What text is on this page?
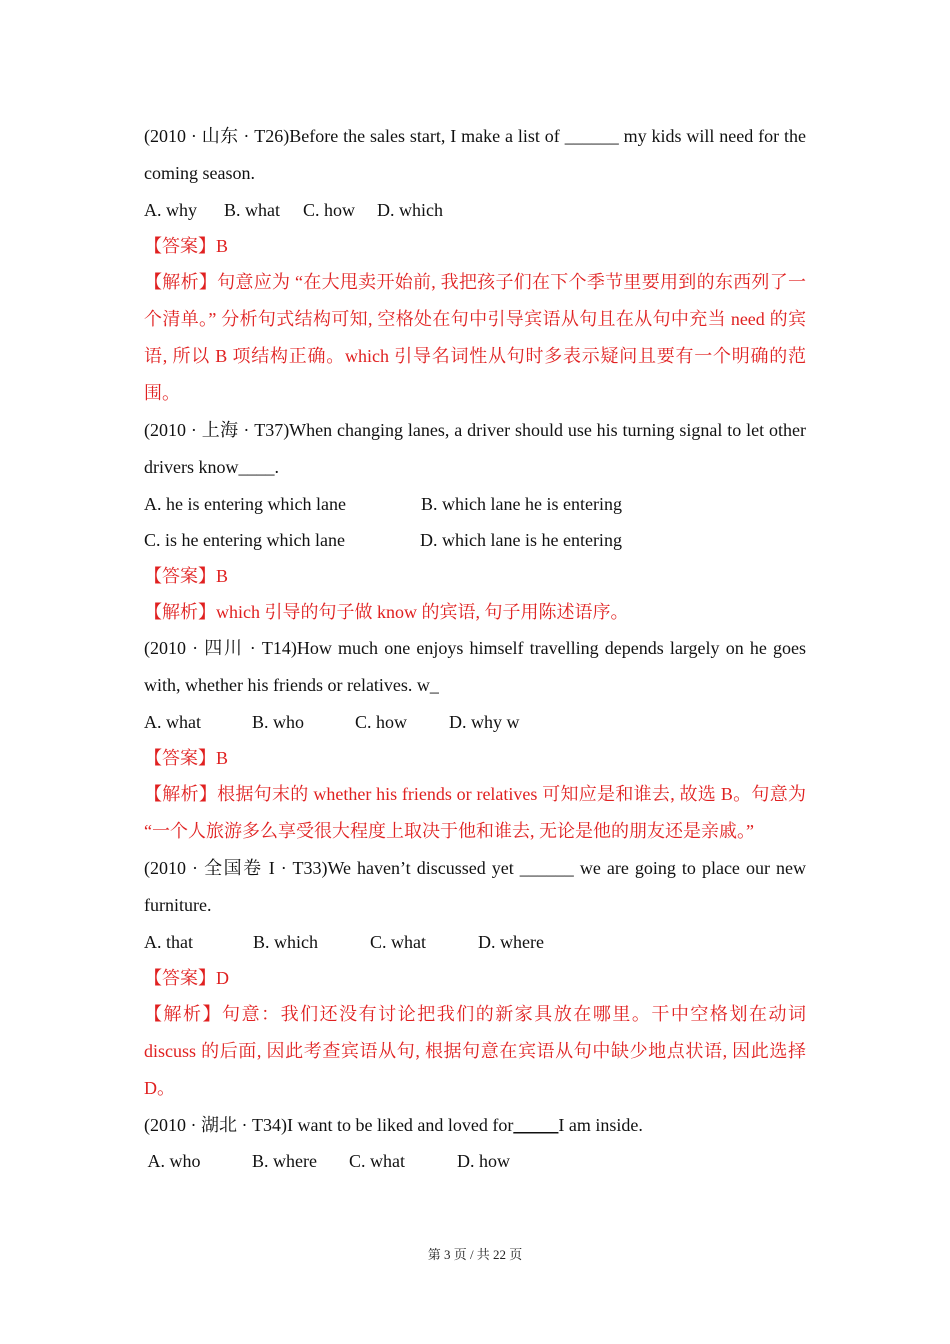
(2010 · 山东 · T26)Before the sales start, I make a list of ______ my kids will need for the coming season.
A. why B. what C. how D. which
【答案】B
【解析】句意应为 “在大甩卖开始前, 我把孩子们在下个季节里要用到的东西列了一个清单。” 分析句式结构可知, 空格处在句中引导宾语从句且在从句中充当 need 的宾语, 所以 B 项结构正确。which 引导名词性从句时多表示疑问且要有一个明确的范围。
(2010 · 上海 · T37)When changing lanes, a driver should use his turning signal to let other drivers know____.
A. he is entering which lane	B. which lane he is entering
C. is he entering which lane	D. which lane is he entering
【答案】B
【解析】which 引导的句子做 know 的宾语, 句子用陈述语序。
(2010 · 四川 · T14)How much one enjoys himself travelling depends largely on he goes with, whether his friends or relatives. w_
A. what	B. who	C. how D. why w
【答案】B
【解析】根据句末的 whether his friends or relatives 可知应是和谁去, 故选 B。句意为 “一个人旅游多么享受很大程度上取决于他和谁去, 无论是他的朋友还是亲戚。”
(2010 · 全国卷 I · T33)We haven’t discussed yet ______ we are going to place our new furniture.
A. that	B. which	C. what	D. where
【答案】D
【解析】句意：我们还没有讨论把我们的新家具放在哪里。干中空格划在动词 discuss 的后面, 因此考查宾语从句, 根据句意在宾语从句中缺少地点状语, 因此选择 D。
(2010 · 湖北 · T34)I want to be liked and loved for_____I am inside.
A. who	B. where C. what	D. how
第 3 页 / 共 22 页
